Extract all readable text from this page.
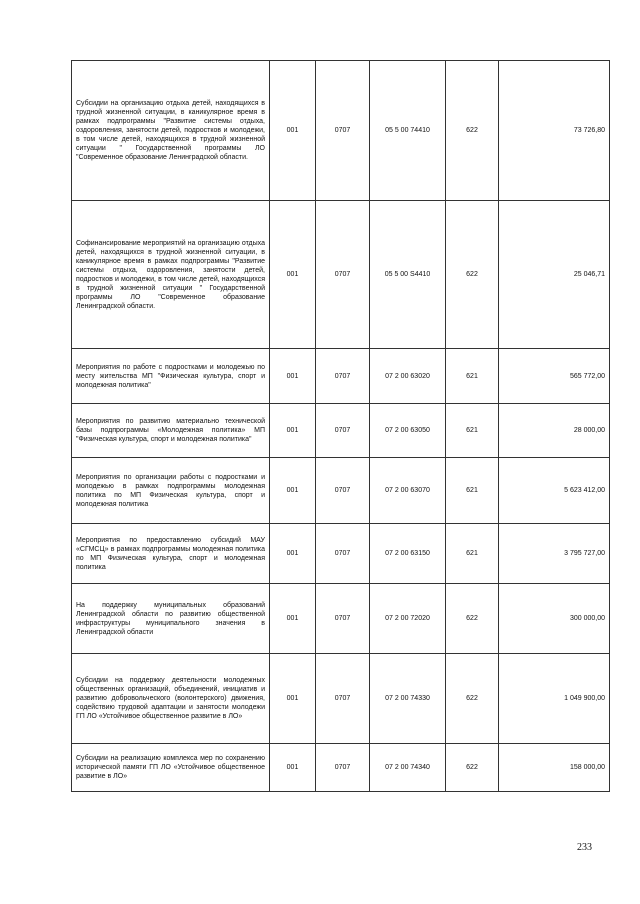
Субсидии на организацию отдыха детей, находящихся в трудной жизненной ситуации, в каникулярное время в рамках подпрограммы "Развитие системы отдыха, оздоровления, занятости детей, подростков и молодежи, в том числе детей, находящихся в трудной жизненной ситуации " Государственной программы ЛО "Современное образование Ленинградской области.	001	0707	05 5 00 74410	622	73 726,80
Софинансирование мероприятий на организацию отдыха детей, находящихся в трудной жизненной ситуации, в каникулярное время в рамках подпрограммы "Развитие системы отдыха, оздоровления, занятости детей, подростков и молодежи, в том числе детей, находящихся в трудной жизненной ситуации " Государственной программы ЛО "Современное образование Ленинградской области.	001	0707	05 5 00 S4410	622	25 046,71
Мероприятия по работе с подростками и молодежью по месту жительства МП "Физическая культура, спорт и молодежная политика"	001	0707	07 2 00 63020	621	565 772,00
Мероприятия по развитию материально технической базы подпрограммы «Молодежная политика» МП "Физическая культура, спорт и молодежная политика"	001	0707	07 2 00 63050	621	28 000,00
Мероприятия по организации работы с подростками и молодежью в рамках подпрограммы молодежная политика по МП Физическая культура, спорт и молодежная политика	001	0707	07 2 00 63070	621	5 623 412,00
Мероприятия по предоставлению субсидий МАУ «СГМСЦ» в рамках подпрограммы молодежная политика по МП Физическая культура, спорт и молодежная политика	001	0707	07 2 00 63150	621	3 795 727,00
На поддержку муниципальных образований Ленинградской области по развитию общественной инфраструктуры муниципального значения в Ленинградской области	001	0707	07 2 00 72020	622	300 000,00
Субсидии на поддержку деятельности молодежных общественных организаций, объединений, инициатив и развитию добровольческого (волонтерского) движения, содействию трудовой адаптации и занятости молодежи ГП ЛО «Устойчивое общественное развитие в ЛО»	001	0707	07 2 00 74330	622	1 049 900,00
Субсидии на реализацию комплекса мер по сохранению исторической памяти ГП ЛО «Устойчивое общественное развитие в ЛО»	001	0707	07 2 00 74340	622	158 000,00
233
